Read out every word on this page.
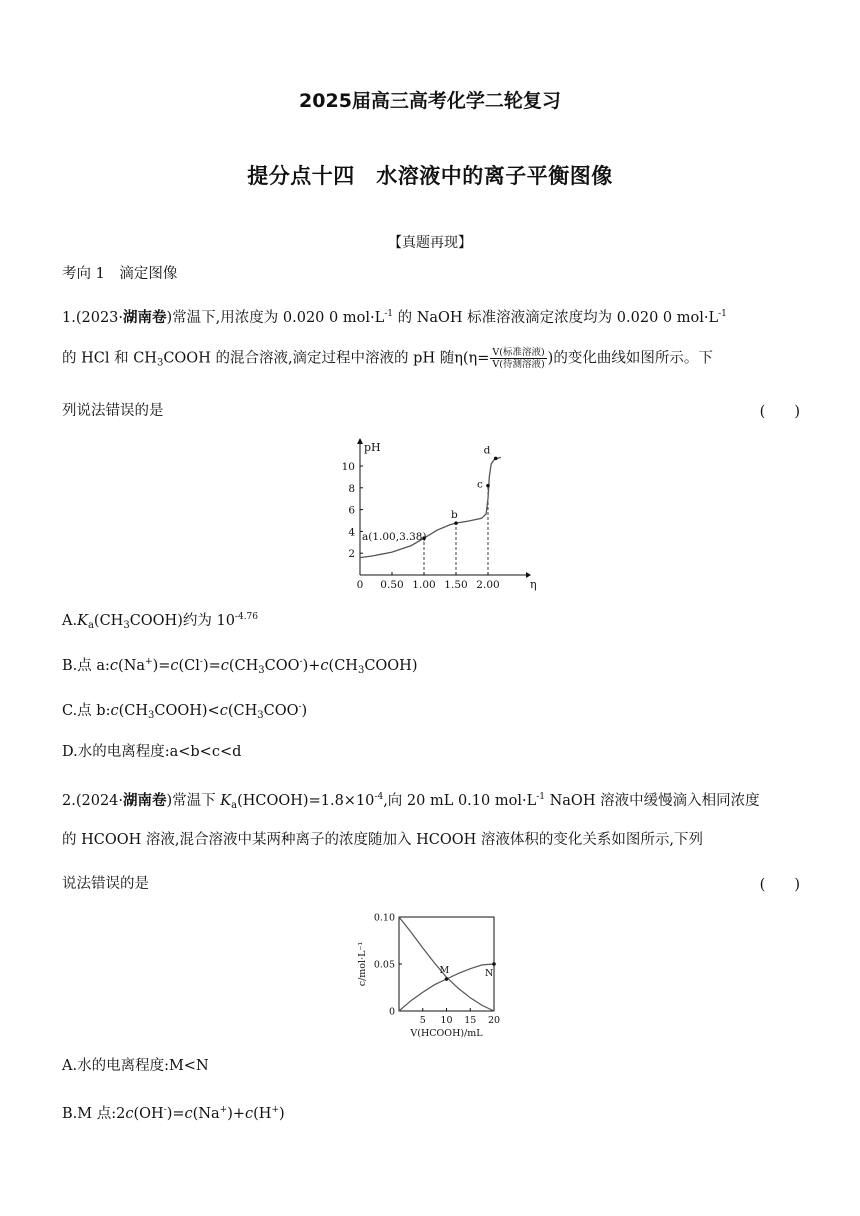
2025届高三高考化学二轮复习
提分点十四　水溶液中的离子平衡图像
【真题再现】
考向 1　滴定图像
1.(2023·湖南卷)常温下,用浓度为 0.020 0 $mol\cdot L^{-1}$ 的 NaOH 标准溶液滴定浓度均为 0.020 0 $mol\cdot L^{-1}$
的 HCl 和 $CH_3COOH$ 的混合溶液,滴定过程中溶液的 pH 随$\eta(\eta= \frac{\text{V(标准溶液)}}{\text{V(待测溶液)}}$ )的变化曲线如图所示。下
列说法错误的是	(　　)
pH
η
0 0.50 1.00 1.50 2.00
2
4
6
8
10
a(1.00,3.38)
b
c
d
$A.K_a(CH_3COOH)$约为 $10^{-4.76}$
B.点 $a:c(Na^+)=c(Cl^-)=c(CH_3COO^-)+c(CH_3COOH)$
C.点 $b:c(CH_3COOH)<c(CH_3COO^-)$
D.水的电离程度:a<b<c<d
2.(2024·湖南卷)常温下 $K_a(HCOOH)=1.8\times 10^{-4}$,向 20 mL 0.10 $mol\cdot L^{-1}$ NaOH 溶液中缓慢滴入相同浓度
的 HCOOH 溶液,混合溶液中某两种离子的浓度随加入 HCOOH 溶液体积的变化关系如图所示,下列
说法错误的是	(　　)
0
0.05
0.10
5 10 15 20
V(HCOOH)/mL
c/mol·L⁻¹	M	N
A.水的电离程度:M<N
B.M 点:2c(OH-)=c(Na+)+c(H+)
